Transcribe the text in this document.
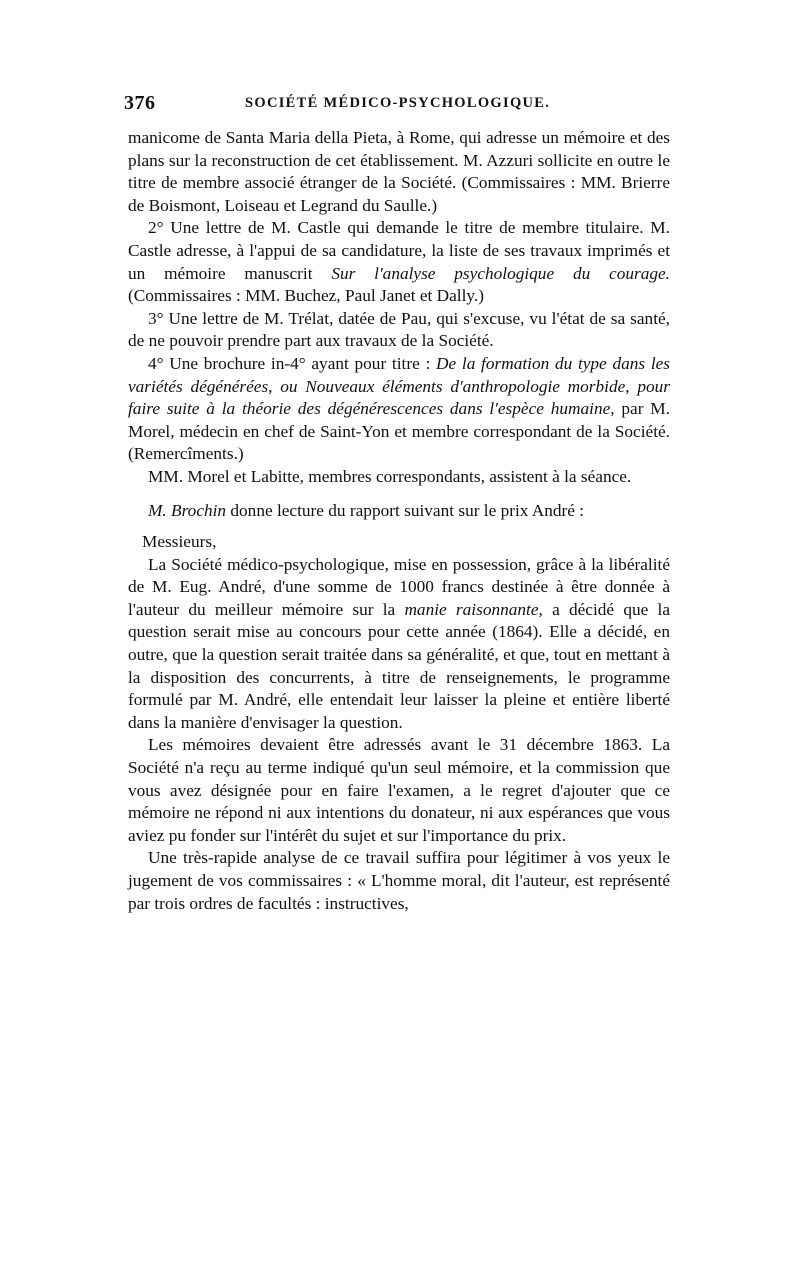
376	SOCIÉTÉ MÉDICO-PSYCHOLOGIQUE.

manicome de Santa Maria della Pieta, à Rome, qui adresse un mémoire et des plans sur la reconstruction de cet établissement. M. Azzuri sollicite en outre le titre de membre associé étranger de la Société. (Commissaires : MM. Brierre de Boismont, Loiseau et Legrand du Saulle.)

2° Une lettre de M. Castle qui demande le titre de membre titulaire. M. Castle adresse, à l'appui de sa candidature, la liste de ses travaux imprimés et un mémoire manuscrit Sur l'analyse psychologique du courage. (Commissaires : MM. Buchez, Paul Janet et Dally.)

3° Une lettre de M. Trélat, datée de Pau, qui s'excuse, vu l'état de sa santé, de ne pouvoir prendre part aux travaux de la Société.

4° Une brochure in-4° ayant pour titre : De la formation du type dans les variétés dégénérées, ou Nouveaux éléments d'anthropologie morbide, pour faire suite à la théorie des dégénérescences dans l'espèce humaine, par M. Morel, médecin en chef de Saint-Yon et membre correspondant de la Société. (Remercîments.)

MM. Morel et Labitte, membres correspondants, assistent à la séance.

M. Brochin donne lecture du rapport suivant sur le prix André :

Messieurs,

La Société médico-psychologique, mise en possession, grâce à la libéralité de M. Eug. André, d'une somme de 1000 francs destinée à être donnée à l'auteur du meilleur mémoire sur la manie raisonnante, a décidé que la question serait mise au concours pour cette année (1864). Elle a décidé, en outre, que la question serait traitée dans sa généralité, et que, tout en mettant à la disposition des concurrents, à titre de renseignements, le programme formulé par M. André, elle entendait leur laisser la pleine et entière liberté dans la manière d'envisager la question.

Les mémoires devaient être adressés avant le 31 décembre 1863. La Société n'a reçu au terme indiqué qu'un seul mémoire, et la commission que vous avez désignée pour en faire l'examen, a le regret d'ajouter que ce mémoire ne répond ni aux intentions du donateur, ni aux espérances que vous aviez pu fonder sur l'intérêt du sujet et sur l'importance du prix.

Une très-rapide analyse de ce travail suffira pour légitimer à vos yeux le jugement de vos commissaires : « L'homme moral, dit l'auteur, est représenté par trois ordres de facultés : instructives,
